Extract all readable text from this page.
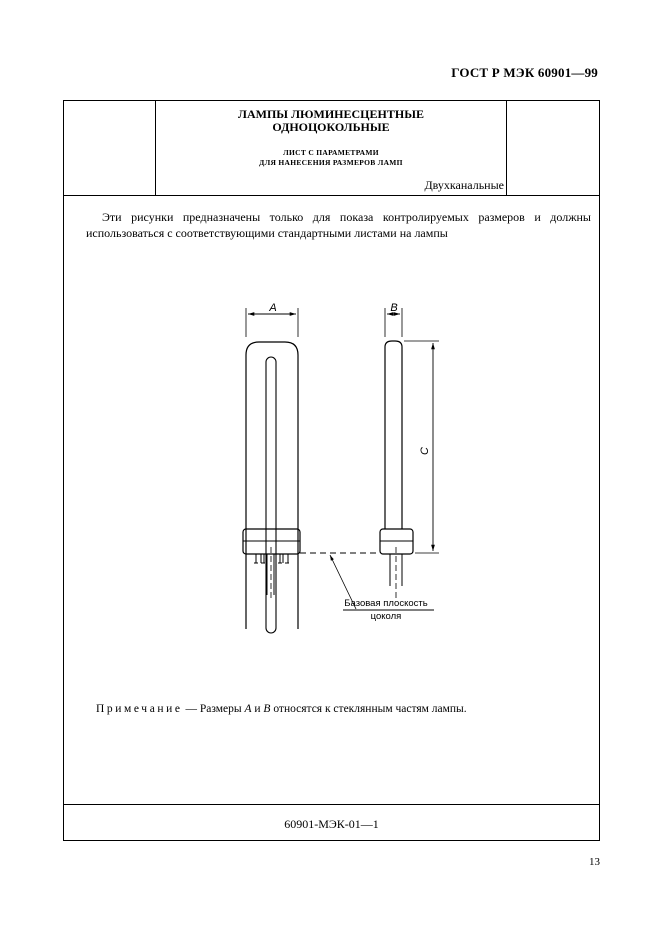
ГОСТ Р МЭК 60901—99
ЛАМПЫ ЛЮМИНЕСЦЕНТНЫЕ
ОДНОЦОКОЛЬНЫЕ
ЛИСТ С ПАРАМЕТРАМИ
ДЛЯ НАНЕСЕНИЯ РАЗМЕРОВ ЛАМП
Двухканальные
Эти рисунки предназначены только для показа контролируемых размеров и должны использоваться с соответствующими стандартными листами на лампы
A	B
C
Базовая плоскость
цоколя
Примечание — Размеры A и B относятся к стеклянным частям лампы.
60901-МЭК-01—1
13
